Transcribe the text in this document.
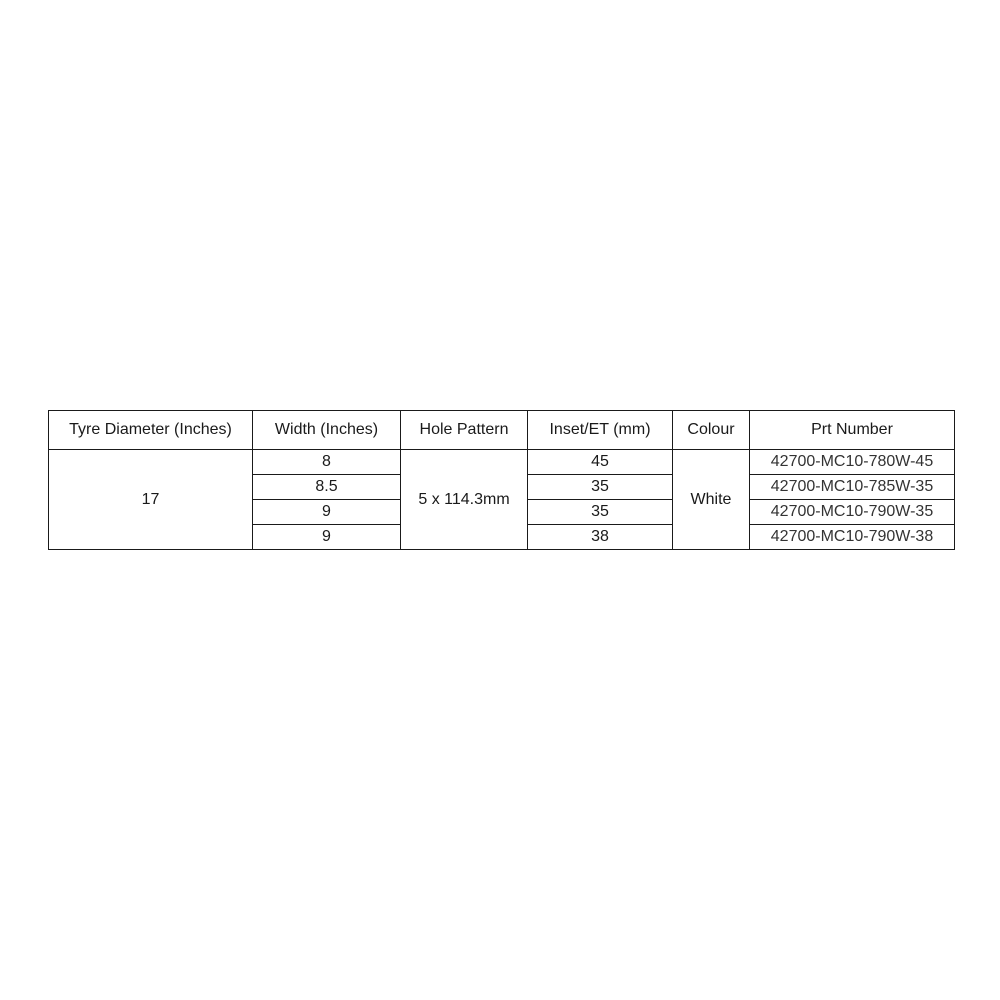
Tyre Diameter (Inches)	Width (Inches)	Hole Pattern	Inset/ET (mm)	Colour	Prt Number
17	8	5 x 114.3mm	45	White	42700-MC10-780W-45
	8.5		35		42700-MC10-785W-35
	9		35		42700-MC10-790W-35
	9		38		42700-MC10-790W-38
